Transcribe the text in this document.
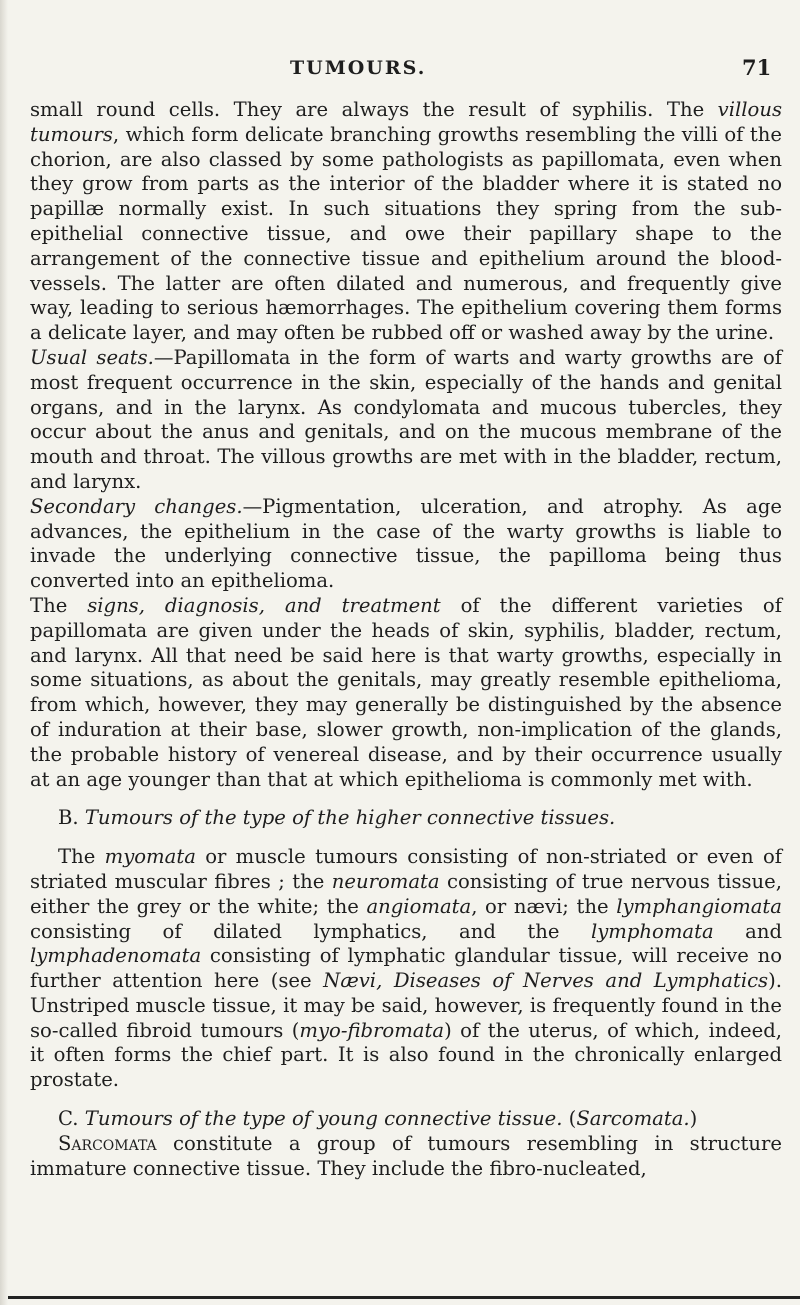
TUMOURS.	71

small round cells. They are always the result of syphilis. The villous tumours, which form delicate branching growths resembling the villi of the chorion, are also classed by some pathologists as papillomata, even when they grow from parts as the interior of the bladder where it is stated no papillæ normally exist. In such situations they spring from the sub-epithelial connective tissue, and owe their papillary shape to the arrangement of the connective tissue and epithelium around the blood-vessels. The latter are often dilated and numerous, and frequently give way, leading to serious hæmorrhages. The epithelium covering them forms a delicate layer, and may often be rubbed off or washed away by the urine.

Usual seats.—Papillomata in the form of warts and warty growths are of most frequent occurrence in the skin, especially of the hands and genital organs, and in the larynx. As condylomata and mucous tubercles, they occur about the anus and genitals, and on the mucous membrane of the mouth and throat. The villous growths are met with in the bladder, rectum, and larynx.

Secondary changes.—Pigmentation, ulceration, and atrophy. As age advances, the epithelium in the case of the warty growths is liable to invade the underlying connective tissue, the papilloma being thus converted into an epithelioma.

The signs, diagnosis, and treatment of the different varieties of papillomata are given under the heads of skin, syphilis, bladder, rectum, and larynx. All that need be said here is that warty growths, especially in some situations, as about the genitals, may greatly resemble epithelioma, from which, however, they may generally be distinguished by the absence of induration at their base, slower growth, non-implication of the glands, the probable history of venereal disease, and by their occurrence usually at an age younger than that at which epithelioma is commonly met with.

B. Tumours of the type of the higher connective tissues.

The myomata or muscle tumours consisting of non-striated or even of striated muscular fibres ; the neuromata consisting of true nervous tissue, either the grey or the white; the angiomata, or nævi; the lymphangiomata consisting of dilated lymphatics, and the lymphomata and lymphadenomata consisting of lymphatic glandular tissue, will receive no further attention here (see Nævi, Diseases of Nerves and Lymphatics). Unstriped muscle tissue, it may be said, however, is frequently found in the so-called fibroid tumours (myo-fibromata) of the uterus, of which, indeed, it often forms the chief part. It is also found in the chronically enlarged prostate.

C. Tumours of the type of young connective tissue. (Sarcomata.)

Sarcomata constitute a group of tumours resembling in structure immature connective tissue. They include the fibro-nucleated,
